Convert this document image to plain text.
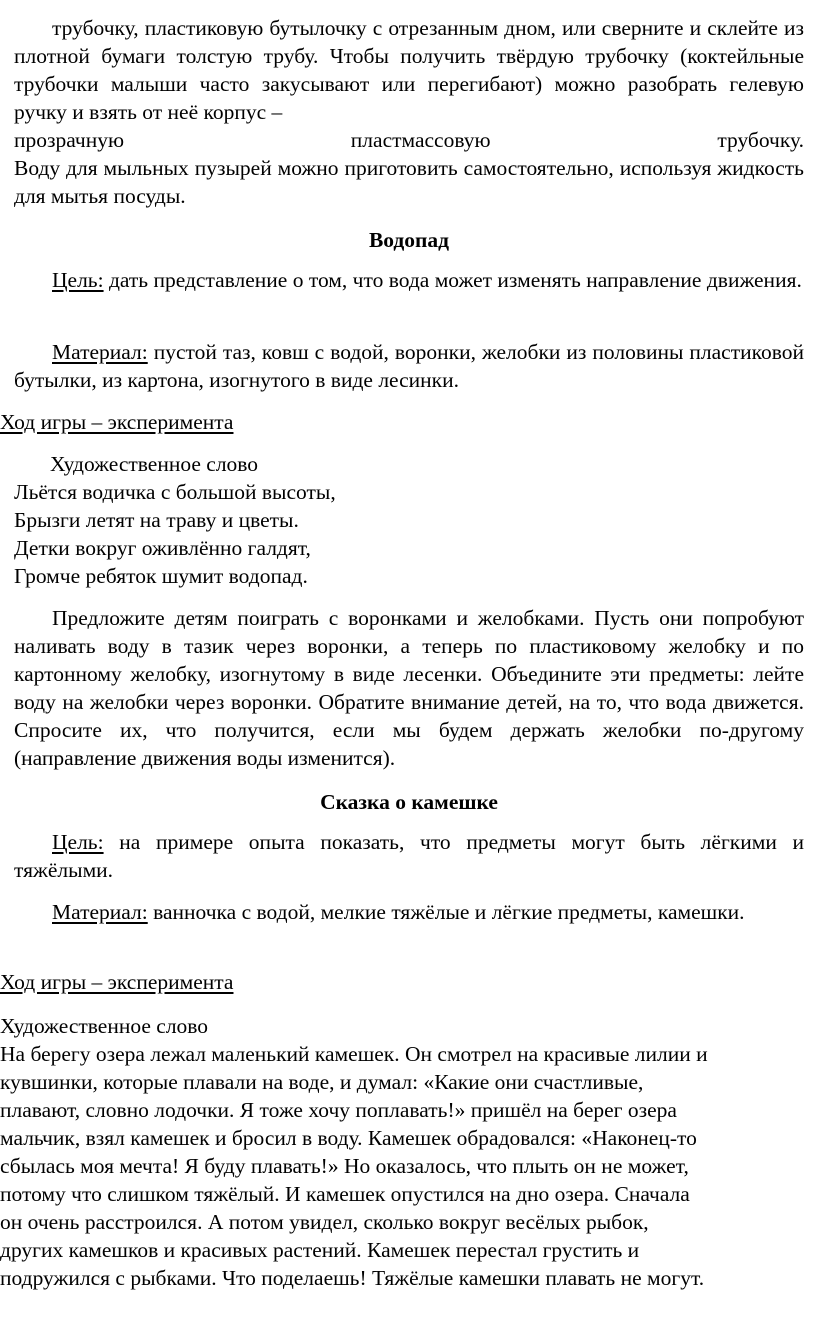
трубочку, пластиковую бутылочку с отрезанным дном, или сверните и склейте из плотной бумаги толстую трубу. Чтобы получить твёрдую трубочку (коктейльные трубочки малыши часто закусывают или перегибают) можно разобрать гелевую ручку и взять от неё корпус –
прозрачную	пластмассовую	трубочку.
Воду для мыльных пузырей можно приготовить самостоятельно, используя жидкость для мытья посуды.
Водопад
Цель: дать представление о том, что вода может изменять направление движения.
Материал: пустой таз, ковш с водой, воронки, желобки из половины пластиковой бутылки, из картона, изогнутого в виде лесинки.
Ход игры – эксперимента
Художественное слово
Льётся водичка с большой высоты,
Брызги летят на траву и цветы.
Детки вокруг оживлённо галдят,
Громче ребяток шумит водопад.
Предложите детям поиграть с воронками и желобками. Пусть они попробуют наливать воду в тазик через воронки, а теперь по пластиковому желобку и по картонному желобку, изогнутому в виде лесенки. Объедините эти предметы: лейте воду на желобки через воронки. Обратите внимание детей, на то, что вода движется. Спросите их, что получится, если мы будем держать желобки по-другому (направление движения воды изменится).
Сказка о камешке
Цель: на примере опыта показать, что предметы могут быть лёгкими и тяжёлыми.
Материал: ванночка с водой, мелкие тяжёлые и лёгкие предметы, камешки.
Ход игры – эксперимента
Художественное слово
На берегу озера лежал маленький камешек. Он смотрел на красивые лилии и
кувшинки, которые плавали на воде, и думал: «Какие они счастливые,
плавают, словно лодочки. Я тоже хочу поплавать!» пришёл на берег озера
мальчик, взял камешек и бросил в воду. Камешек обрадовался: «Наконец-то
сбылась моя мечта! Я буду плавать!» Но оказалось, что плыть он не может,
потому что слишком тяжёлый. И камешек опустился на дно озера. Сначала
он очень расстроился. А потом увидел, сколько вокруг весёлых рыбок,
других камешков и красивых растений. Камешек перестал грустить и
подружился с рыбками. Что поделаешь! Тяжёлые камешки плавать не могут.
